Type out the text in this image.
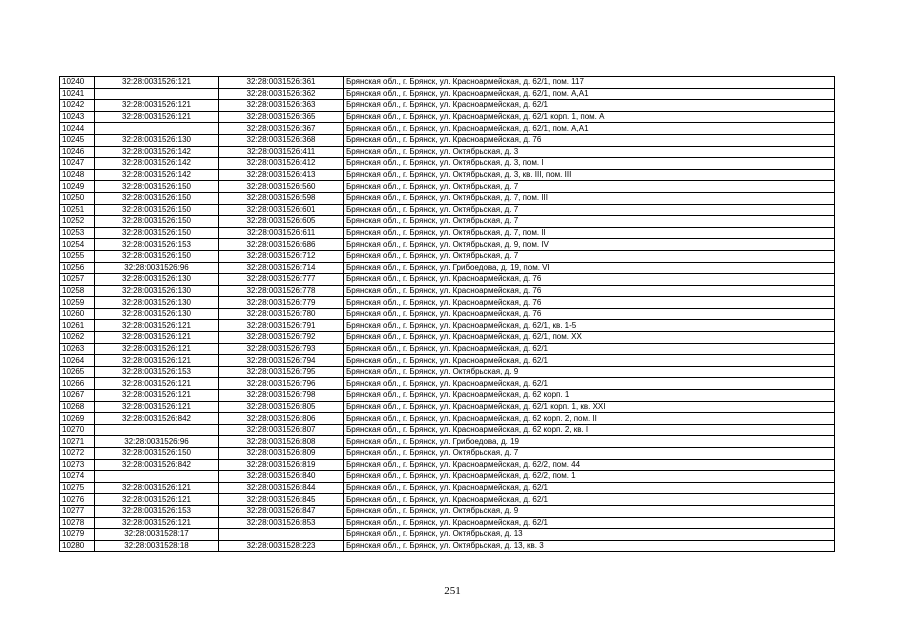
10240	32:28:0031526:121	32:28:0031526:361	Брянская обл., г. Брянск, ул. Красноармейская, д. 62/1, пом. 117
10241		32:28:0031526:362	Брянская обл., г. Брянск, ул. Красноармейская, д. 62/1, пом. А,А1
10242	32:28:0031526:121	32:28:0031526:363	Брянская обл., г. Брянск, ул. Красноармейская, д. 62/1
10243	32:28:0031526:121	32:28:0031526:365	Брянская обл., г. Брянск, ул. Красноармейская, д. 62/1 корп. 1, пом. А
10244		32:28:0031526:367	Брянская обл., г. Брянск, ул. Красноармейская, д. 62/1, пом. А,А1
10245	32:28:0031526:130	32:28:0031526:368	Брянская обл., г. Брянск, ул. Красноармейская, д. 76
10246	32:28:0031526:142	32:28:0031526:411	Брянская обл., г. Брянск, ул. Октябрьская, д. 3
10247	32:28:0031526:142	32:28:0031526:412	Брянская обл., г. Брянск, ул. Октябрьская, д. 3, пом. I
10248	32:28:0031526:142	32:28:0031526:413	Брянская обл., г. Брянск, ул. Октябрьская, д. 3, кв. III, пом. III
10249	32:28:0031526:150	32:28:0031526:560	Брянская обл., г. Брянск, ул. Октябрьская, д. 7
10250	32:28:0031526:150	32:28:0031526:598	Брянская обл., г. Брянск, ул. Октябрьская, д. 7, пом. III
10251	32:28:0031526:150	32:28:0031526:601	Брянская обл., г. Брянск, ул. Октябрьская, д. 7
10252	32:28:0031526:150	32:28:0031526:605	Брянская обл., г. Брянск, ул. Октябрьская, д. 7
10253	32:28:0031526:150	32:28:0031526:611	Брянская обл., г. Брянск, ул. Октябрьская, д. 7, пом. II
10254	32:28:0031526:153	32:28:0031526:686	Брянская обл., г. Брянск, ул. Октябрьская, д. 9, пом. IV
10255	32:28:0031526:150	32:28:0031526:712	Брянская обл., г. Брянск, ул. Октябрьская, д. 7
10256	32:28:0031526:96	32:28:0031526:714	Брянская обл., г. Брянск, ул. Грибоедова, д. 19, пом. VI
10257	32:28:0031526:130	32:28:0031526:777	Брянская обл., г. Брянск, ул. Красноармейская, д. 76
10258	32:28:0031526:130	32:28:0031526:778	Брянская обл., г. Брянск, ул. Красноармейская, д. 76
10259	32:28:0031526:130	32:28:0031526:779	Брянская обл., г. Брянск, ул. Красноармейская, д. 76
10260	32:28:0031526:130	32:28:0031526:780	Брянская обл., г. Брянск, ул. Красноармейская, д. 76
10261	32:28:0031526:121	32:28:0031526:791	Брянская обл., г. Брянск, ул. Красноармейская, д. 62/1, кв. 1-5
10262	32:28:0031526:121	32:28:0031526:792	Брянская обл., г. Брянск, ул. Красноармейская, д. 62/1, пом. XX
10263	32:28:0031526:121	32:28:0031526:793	Брянская обл., г. Брянск, ул. Красноармейская, д. 62/1
10264	32:28:0031526:121	32:28:0031526:794	Брянская обл., г. Брянск, ул. Красноармейская, д. 62/1
10265	32:28:0031526:153	32:28:0031526:795	Брянская обл., г. Брянск, ул. Октябрьская, д. 9
10266	32:28:0031526:121	32:28:0031526:796	Брянская обл., г. Брянск, ул. Красноармейская, д. 62/1
10267	32:28:0031526:121	32:28:0031526:798	Брянская обл., г. Брянск, ул. Красноармейская, д. 62 корп. 1
10268	32:28:0031526:121	32:28:0031526:805	Брянская обл., г. Брянск, ул. Красноармейская, д. 62/1 корп. 1, кв. XXI
10269	32:28:0031526:842	32:28:0031526:806	Брянская обл., г. Брянск, ул. Красноармейская, д. 62 корп. 2, пом. II
10270		32:28:0031526:807	Брянская обл., г. Брянск, ул. Красноармейская, д. 62 корп. 2, кв. I
10271	32:28:0031526:96	32:28:0031526:808	Брянская обл., г. Брянск, ул. Грибоедова, д. 19
10272	32:28:0031526:150	32:28:0031526:809	Брянская обл., г. Брянск, ул. Октябрьская, д. 7
10273	32:28:0031526:842	32:28:0031526:819	Брянская обл., г. Брянск, ул. Красноармейская, д. 62/2, пом. 44
10274		32:28:0031526:840	Брянская обл., г. Брянск, ул. Красноармейская, д. 62/2, пом. 1
10275	32:28:0031526:121	32:28:0031526:844	Брянская обл., г. Брянск, ул. Красноармейская, д. 62/1
10276	32:28:0031526:121	32:28:0031526:845	Брянская обл., г. Брянск, ул. Красноармейская, д. 62/1
10277	32:28:0031526:153	32:28:0031526:847	Брянская обл., г. Брянск, ул. Октябрьская, д. 9
10278	32:28:0031526:121	32:28:0031526:853	Брянская обл., г. Брянск, ул. Красноармейская, д. 62/1
10279	32:28:0031528:17		Брянская обл., г. Брянск, ул. Октябрьская, д. 13
10280	32:28:0031528:18	32:28:0031528:223	Брянская обл., г. Брянск, ул. Октябрьская, д. 13, кв. 3
251
